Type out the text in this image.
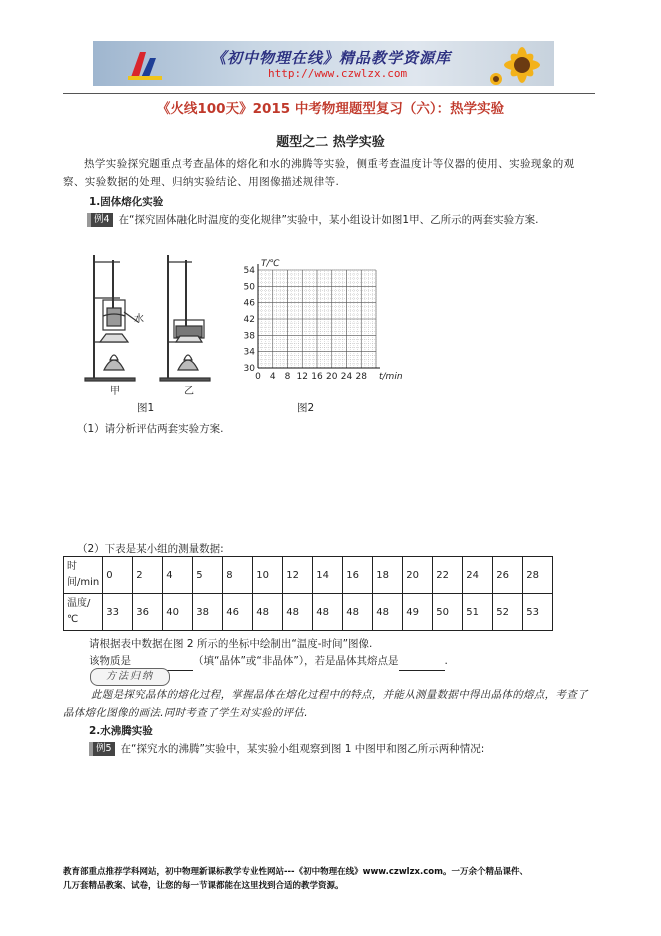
《初中物理在线》精品教学资源库
http://www.czwlzx.com
《火线100天》2015 中考物理题型复习（六）：热学实验
题型之二 热学实验
热学实验探究题重点考查晶体的熔化和水的沸腾等实验，侧重考查温度计等仪器的使用、实验现象的观察、实验数据的处理、归纳实验结论、用图像描述规律等.
1.固体熔化实验
例4 在“探究固体融化时温度的变化规律”实验中，某小组设计如图1甲、乙所示的两套实验方案.
水
甲	乙
图1
0 4 8 12 16 20 24 28
30
34
38
42
46
50
54
t/min
T/℃
图2
（1）请分析评估两套实验方案.
（2）下表是某小组的测量数据:
时间/min	0	2	4	5	8	10	12	14	16	18	20	22	24	26	28
温度/℃	33	36	40	38	46	48	48	48	48	48	49	50	51	52	53
请根据表中数据在图 2 所示的坐标中绘制出“温度-时间”图像.
该物质是	（填“晶体”或“非晶体”），若是晶体其熔点是	.
方法归纳
此题是探究晶体的熔化过程，掌握晶体在熔化过程中的特点，并能从测量数据中得出晶体的熔点，考查了晶体熔化图像的画法.同时考查了学生对实验的评估.
2.水沸腾实验
例5 在“探究水的沸腾”实验中，某实验小组观察到图 1 中图甲和图乙所示两种情况:
教育部重点推荐学科网站，初中物理新课标教学专业性网站---《初中物理在线》www.czwlzx.com。一万余个精品课件、
几万套精品教案、试卷，让您的每一节课都能在这里找到合适的教学资源。
